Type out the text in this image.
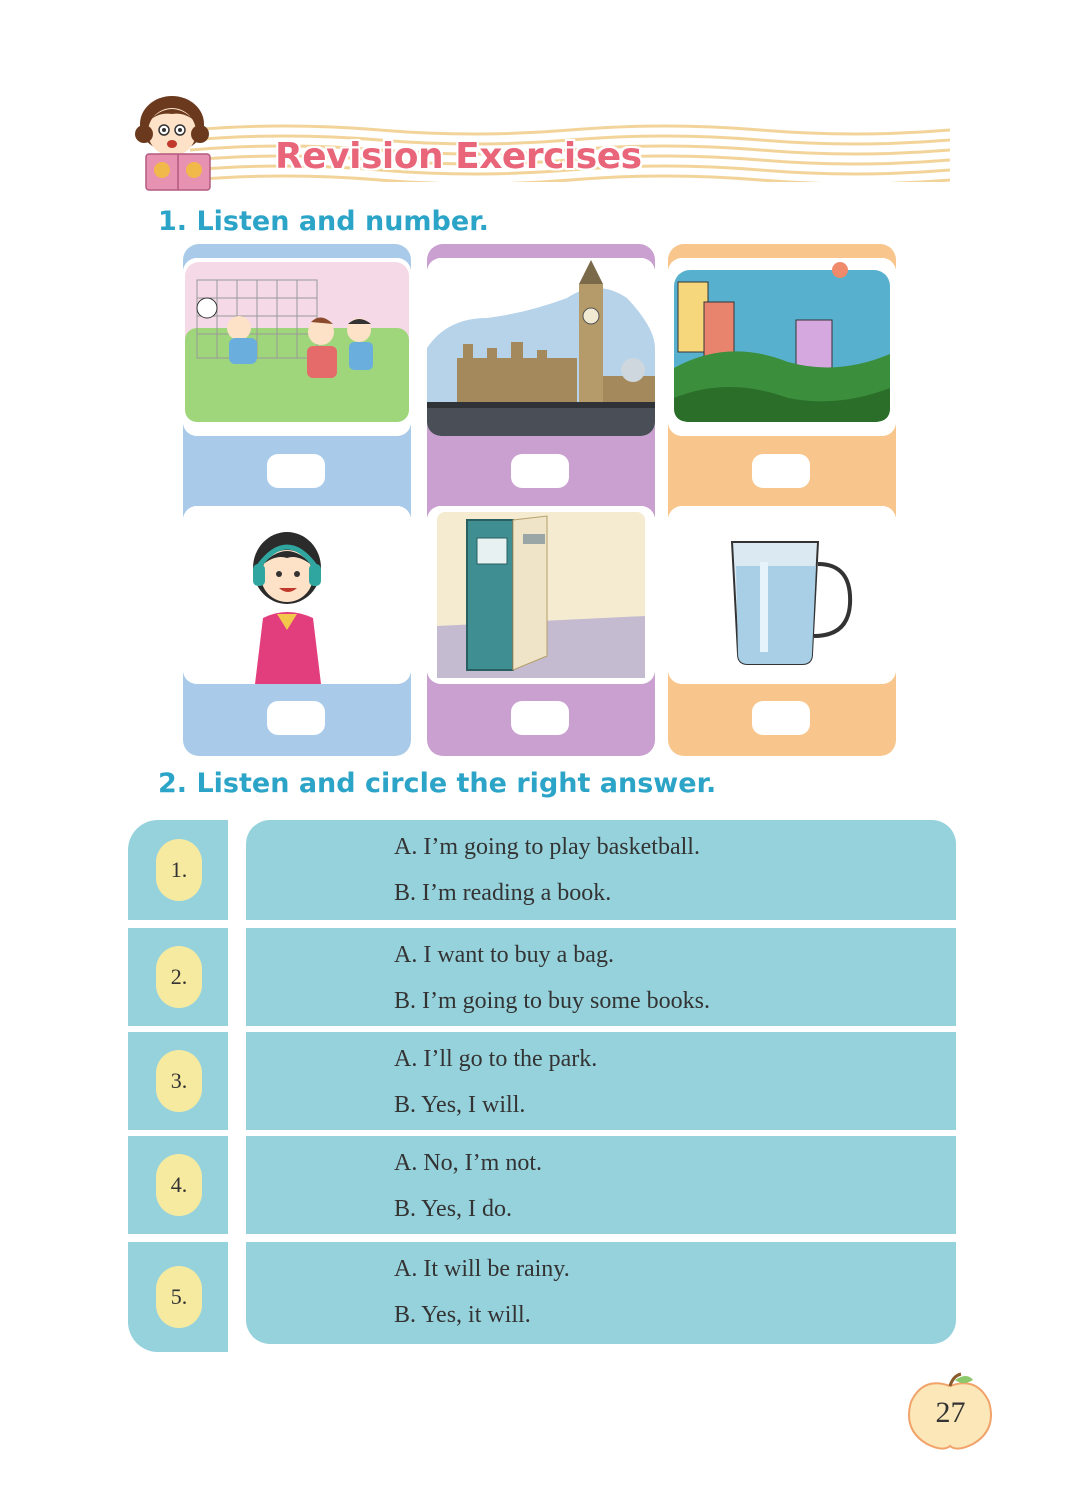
Revision Exercises
1. Listen and number.
2. Listen and circle the right answer.
1.
A. I’m going to play basketball.
B. I’m reading a book.
2.
A. I want to buy a bag.
B. I’m going to buy some books.
3.
A. I’ll go to the park.
B. Yes, I will.
4.
A. No, I’m not.
B. Yes, I do.
5.
A. It will be rainy.
B. Yes, it will.
27
